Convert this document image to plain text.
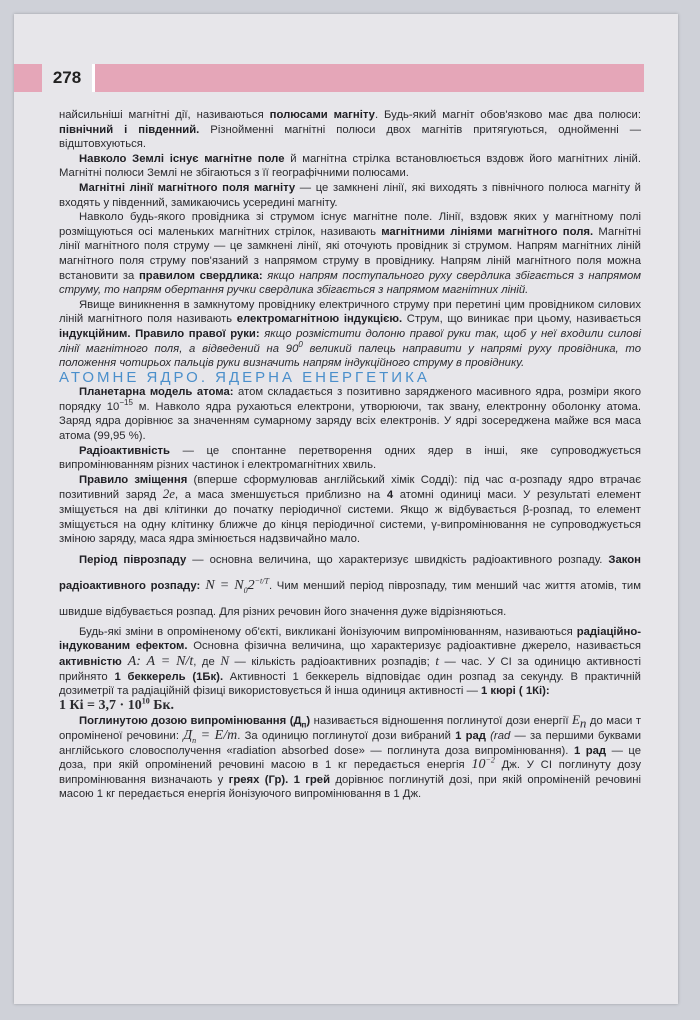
278

найсильніші магнітні дії, називаються полюсами магніту. Будь-який магніт обов'язково має два полюси: північний і південний. Різнойменні магнітні полюси двох магнітів притягуються, однойменні — відштовхуються.

Навколо Землі існує магнітне поле й магнітна стрілка встановлюється вздовж його магнітних ліній. Магнітні полюси Землі не збігаються з її географічними полюсами.

Магнітні лінії магнітного поля магніту — це замкнені лінії, які виходять з північного полюса магніту й входять у південний, замикаючись усередині магніту.

Навколо будь-якого провідника зі струмом існує магнітне поле. Лінії, вздовж яких у магнітному полі розміщуються осі маленьких магнітних стрілок, називають магнітними лініями магнітного поля. Магнітні лінії магнітного поля струму — це замкнені лінії, які оточують провідник зі струмом. Напрям магнітних ліній магнітного поля струму пов'язаний з напрямом струму в провіднику. Напрям ліній магнітного поля можна встановити за правилом свердлика: якщо напрям поступального руху свердлика збігається з напрямом струму, то напрям обертання ручки свердлика збігається з напрямом магнітних ліній.

Явище виникнення в замкнутому провіднику електричного струму при перетині цим провідником силових ліній магнітного поля називають електромагнітною індукцією. Струм, що виникає при цьому, називається індукційним. Правило правої руки: якщо розмістити долоню правої руки так, щоб у неї входили силові лінії магнітного поля, а відведений на $90^0$ великий палець направити у напрямі руху провідника, то положення чотирьох пальців руки визначить напрям індукційного струму в провіднику.

АТОМНЕ ЯДРО. ЯДЕРНА ЕНЕРГЕТИКА

Планетарна модель атома: атом складається з позитивно зарядженого масивного ядра, розміри якого порядку $10^{-15}$ м. Навколо ядра рухаються електрони, утворюючи, так звану, електронну оболонку атома. Заряд ядра дорівнює за значенням сумарному заряду всіх електронів. У ядрі зосереджена майже вся маса атома (99,95 %).

Радіоактивність — це спонтанне перетворення одних ядер в інші, яке супроводжується випромінюванням різних частинок і електромагнітних хвиль.

Правило зміщення (вперше сформулював англійський хімік Содді): під час α-розпаду ядро втрачає позитивний заряд 2e, а маса зменшується приблизно на 4 атомні одиниці маси. У результаті елемент зміщується на дві клітинки до початку періодичної системи. Якщо ж відбувається β-розпад, то елемент зміщується на одну клітинку ближче до кінця періодичної системи, γ-випромінювання не супроводжується зміною заряду, маса ядра змінюється надзвичайно мало.

Період піврозпаду — основна величина, що характеризує швидкість радіоактивного розпаду. Закон радіоактивного розпаду: $N = N_02^{-t/T}$. Чим менший період піврозпаду, тим менший час життя атомів, тим швидше відбувається розпад. Для різних речовин його значення дуже відрізняються.

Будь-які зміни в опроміненому об'єкті, викликані йонізуючим випромінюванням, називаються радіаційно-індукованим ефектом. Основна фізична величина, що характеризує радіоактивне джерело, називається активністю A: A = N/t, де N — кількість радіоактивних розпадів; t — час. У СІ за одиницю активності прийнято 1 беккерель (1Бк). Активності 1 беккерель відповідає один розпад за секунду. В практичній дозиметрії та радіаційній фізиці використовується й інша одиниця активності — 1 кюрі ( 1Кі):
1 Кі = $3,7 \cdot 10^{10}$ Бк.

Поглинутою дозою випромінювання $(Д_п)$ називається відношення поглинутої дози енергії $E_п$ до маси т опроміненої речовини: $Д_п = E/m$. За одиницю поглинутої дози вибраний 1 рад (rad — за першими буквами англійського словосполучення «radiation absorbed dose» — поглинута доза випромінювання). 1 рад — це доза, при якій опромінений речовині масою в 1 кг передається енергія $10^{-2}$ Дж. У СІ поглинуту дозу випромінювання визначають у греях (Гр). 1 грей дорівнює поглинутій дозі, при якій опроміненій речовині масою 1 кг передається енергія йонізуючого випромінювання в 1 Дж.
